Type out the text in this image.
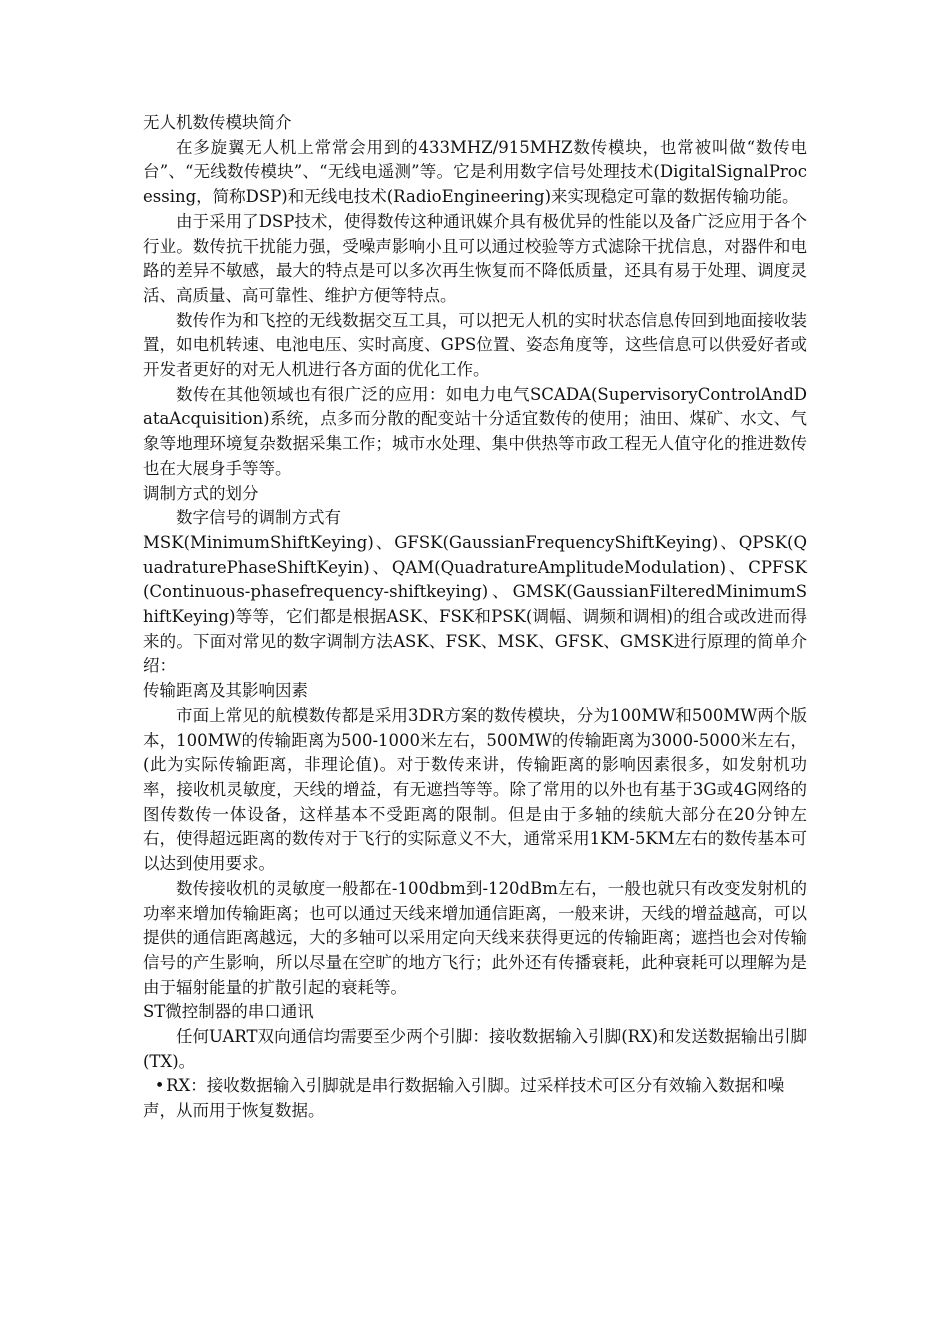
无人机数传模块简介

在多旋翼无人机上常常会用到的433MHZ/915MHZ数传模块，也常被叫做“数传电台”、“无线数传模块”、“无线电遥测”等。它是利用数字信号处理技术(DigitalSignalProcessing，简称DSP)和无线电技术(RadioEngineering)来实现稳定可靠的数据传输功能。

由于采用了DSP技术，使得数传这种通讯媒介具有极优异的性能以及备广泛应用于各个行业。数传抗干扰能力强，受噪声影响小且可以通过校验等方式滤除干扰信息，对器件和电路的差异不敏感，最大的特点是可以多次再生恢复而不降低质量，还具有易于处理、调度灵活、高质量、高可靠性、维护方便等特点。

数传作为和飞控的无线数据交互工具，可以把无人机的实时状态信息传回到地面接收装置，如电机转速、电池电压、实时高度、GPS位置、姿态角度等，这些信息可以供爱好者或开发者更好的对无人机进行各方面的优化工作。

数传在其他领域也有很广泛的应用：如电力电气SCADA(SupervisoryControlAndDataAcquisition)系统，点多而分散的配变站十分适宜数传的使用；油田、煤矿、水文、气象等地理环境复杂数据采集工作；城市水处理、集中供热等市政工程无人值守化的推进数传也在大展身手等等。

调制方式的划分

数字信号的调制方式有

MSK(MinimumShiftKeying)、GFSK(GaussianFrequencyShiftKeying)、QPSK(QuadraturePhaseShiftKeyin)、QAM(QuadratureAmplitudeModulation)、CPFSK(Continuous-phasefrequency-shiftkeying)、GMSK(GaussianFilteredMinimumShiftKeying)等等，它们都是根据ASK、FSK和PSK(调幅、调频和调相)的组合或改进而得来的。下面对常见的数字调制方法ASK、FSK、MSK、GFSK、GMSK进行原理的简单介绍：

传输距离及其影响因素

市面上常见的航模数传都是采用3DR方案的数传模块，分为100MW和500MW两个版本，100MW的传输距离为500-1000米左右，500MW的传输距离为3000-5000米左右，(此为实际传输距离，非理论值)。对于数传来讲，传输距离的影响因素很多，如发射机功率，接收机灵敏度，天线的增益，有无遮挡等等。除了常用的以外也有基于3G或4G网络的图传数传一体设备，这样基本不受距离的限制。但是由于多轴的续航大部分在20分钟左右，使得超远距离的数传对于飞行的实际意义不大，通常采用1KM-5KM左右的数传基本可以达到使用要求。

数传接收机的灵敏度一般都在-100dbm到-120dBm左右，一般也就只有改变发射机的功率来增加传输距离；也可以通过天线来增加通信距离，一般来讲，天线的增益越高，可以提供的通信距离越远，大的多轴可以采用定向天线来获得更远的传输距离；遮挡也会对传输信号的产生影响，所以尽量在空旷的地方飞行；此外还有传播衰耗，此种衰耗可以理解为是由于辐射能量的扩散引起的衰耗等。

ST微控制器的串口通讯

任何UART双向通信均需要至少两个引脚：接收数据输入引脚(RX)和发送数据输出引脚(TX)。

•RX：接收数据输入引脚就是串行数据输入引脚。过采样技术可区分有效输入数据和噪声，从而用于恢复数据。
